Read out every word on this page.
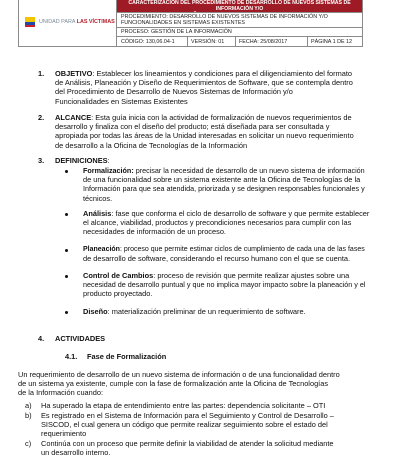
UNIDAD PARA LAS VÍCTIMAS
CARACTERIZACIÓN DEL PROCEDIMIENTO DE DESARROLLO DE NUEVOS SISTEMAS DE INFORMACIÓN Y/O
PROCEDIMIENTO: DESARROLLO DE NUEVOS SISTEMAS DE INFORMACIÓN Y/O
FUNCIONALIDADES EN SISTEMAS EXISTENTES
PROCESO: GESTIÓN DE LA INFORMACIÓN
CÓDIGO: 130,06.04-1	VERSIÓN: 01	FECHA: 25/08/2017	PÁGINA 1 DE 12
1. OBJETIVO: Establecer los lineamientos y condiciones para el diligenciamiento del formato
de Análisis, Planeación y Diseño de Requerimientos de Software, que se contempla dentro
del Procedimiento de Desarrollo de Nuevos Sistemas de Información y/o
Funcionalidades en Sistemas Existentes
2. ALCANCE: Esta guía inicia con la actividad de formalización de nuevos requerimientos de
desarrollo y finaliza con el diseño del producto; está diseñada para ser consultada y
apropiada por todas las áreas de la Unidad interesadas en solicitar un nuevo requerimiento
de desarrollo a la Oficina de Tecnologías de la Información
3. DEFINICIONES:
Formalización: precisar la necesidad de desarrollo de un nuevo sistema de información
de una funcionalidad sobre un sistema existente ante la Oficina de Tecnologías de la
Información para que sea atendida, priorizada y se designen responsables funcionales y
técnicos.
Análisis: fase que conforma el ciclo de desarrollo de software y que permite establecer
el alcance, viabilidad, productos y precondiciones necesarios para cumplir con las
necesidades de información de un proceso.
Planeación: proceso que permite estimar ciclos de cumplimiento de cada una de las fases
de desarrollo de software, considerando el recurso humano con el que se cuenta.
Control de Cambios: proceso de revisión que permite realizar ajustes sobre una
necesidad de desarrollo puntual y que no implica mayor impacto sobre la planeación y el
producto proyectado.
Diseño: materialización preliminar de un requerimiento de software.
4. ACTIVIDADES
4.1. Fase de Formalización
Un requerimiento de desarrollo de un nuevo sistema de información o de una funcionalidad dentro
de un sistema ya existente, cumple con la fase de formalización ante la Oficina de Tecnologías
de la Información cuando:
a) Ha superado la etapa de entendimiento entre las partes: dependencia solicitante – OTI
b) Es registrado en el Sistema de Información para el Seguimiento y Control de Desarrollo –
SISCOD, el cual genera un código que permite realizar seguimiento sobre el estado del
requerimiento
c) Continúa con un proceso que permite definir la viabilidad de atender la solicitud mediante
un desarrollo interno.
